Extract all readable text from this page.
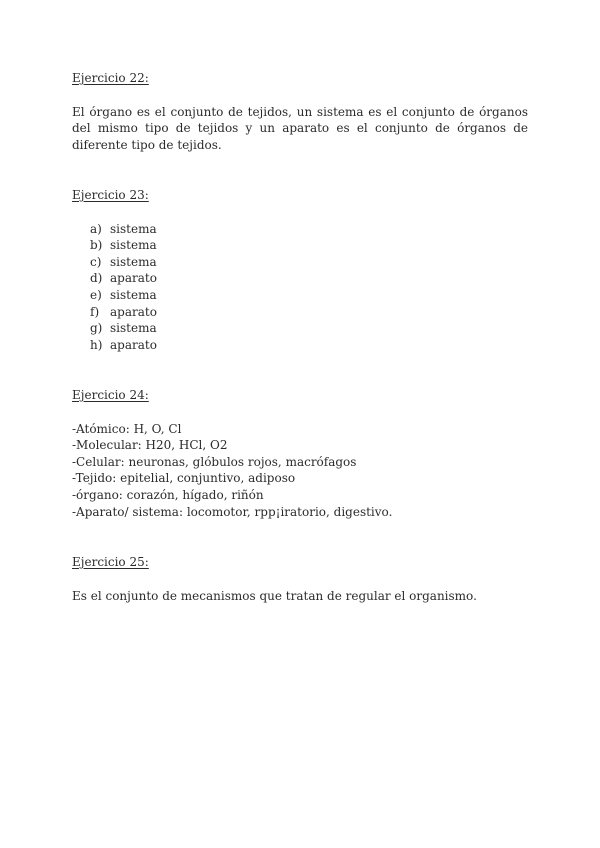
Ejercicio 22:

El órgano es el conjunto de tejidos, un sistema es el conjunto de órganos del mismo tipo de tejidos y un aparato es el conjunto de órganos de diferente tipo de tejidos.

Ejercicio 23:

a) sistema
b) sistema
c) sistema
d) aparato
e) sistema
f) aparato
g) sistema
h) aparato

Ejercicio 24:

-Atómico: H, O, Cl
-Molecular: H20, HCl, O2
-Celular: neuronas, glóbulos rojos, macrófagos
-Tejido: epitelial, conjuntivo, adiposo
-órgano: corazón, hígado, riñón
-Aparato/ sistema: locomotor, rpp¡iratorio, digestivo.

Ejercicio 25:

Es el conjunto de mecanismos que tratan de regular el organismo.
